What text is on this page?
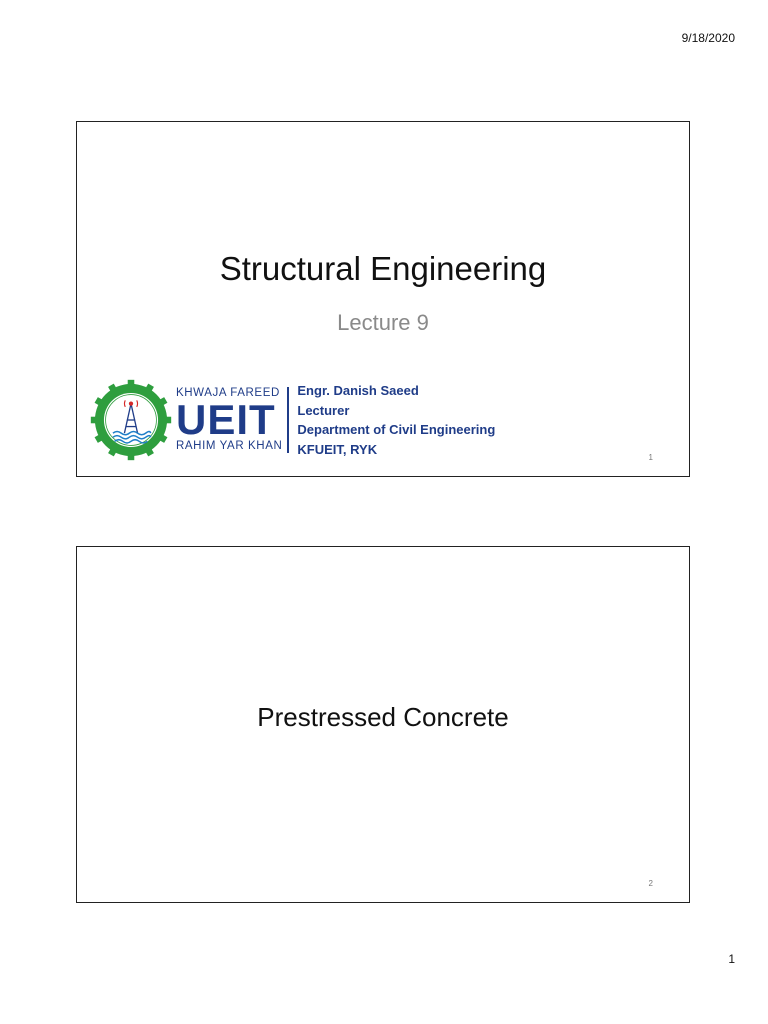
9/18/2020
Structural Engineering
Lecture 9
KHWAJA FAREED
UEIT
RAHIM YAR KHAN
Engr. Danish Saeed
Lecturer
Department of Civil Engineering
KFUEIT, RYK
1
Prestressed Concrete
2
1
